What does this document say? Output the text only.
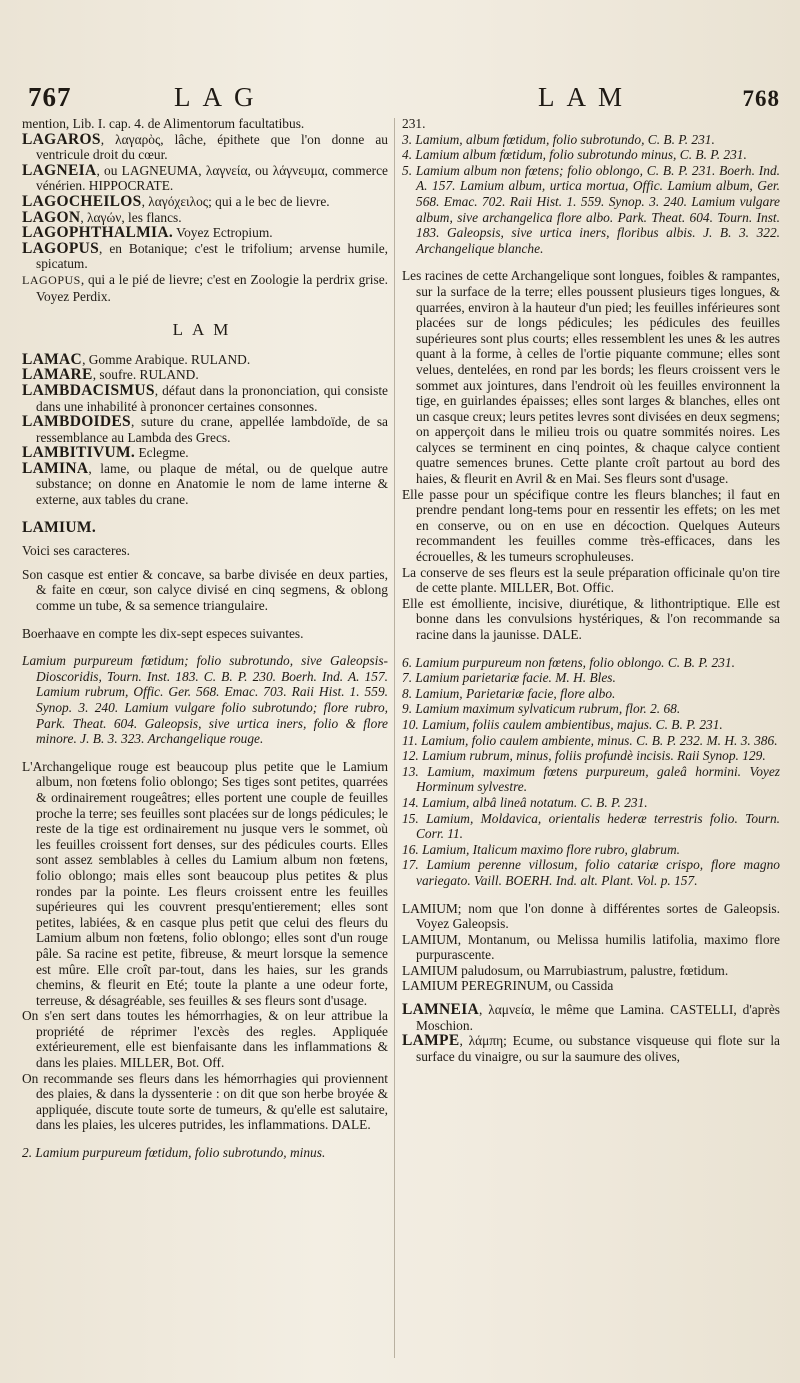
767	LAG	LAM	768

mention, Lib. I. cap. 4. de Alimentorum facultatibus.

LAGAROS, λαγαρὸς, lâche, épithete que l'on donne au ventricule droit du cœur.

LAGNEIA, ou LAGNEUMA, λαγνεία, ou λάγνευμα, commerce vénérien. HIPPOCRATE.

LAGOCHEILOS, λαγόχειλος; qui a le bec de lievre.

LAGON, λαγών, les flancs.

LAGOPHTHALMIA. Voyez Ectropium.

LAGOPUS, en Botanique; c'est le trifolium; arvense humile, spicatum.

LAGOPUS, qui a le pié de lievre; c'est en Zoologie la perdrix grise. Voyez Perdix.

LAM

LAMAC, Gomme Arabique. RULAND.

LAMARE, soufre. RULAND.

LAMBDACISMUS, défaut dans la prononciation, qui consiste dans une inhabilité à prononcer certaines consonnes.

LAMBDOIDES, suture du crane, appellée lambdoïde, de sa ressemblance au Lambda des Grecs.

LAMBITIVUM. Eclegme.

LAMINA, lame, ou plaque de métal, ou de quelque autre substance; on donne en Anatomie le nom de lame interne & externe, aux tables du crane.

LAMIUM.

Voici ses caracteres.

Son casque est entier & concave, sa barbe divisée en deux parties, & faite en cœur, son calyce divisé en cinq segmens, & oblong comme un tube, & sa semence triangulaire.

Boerhaave en compte les dix-sept especes suivantes.

Lamium purpureum fœtidum; folio subrotundo, sive Galeopsis-Dioscoridis, Tourn. Inst. 183. C. B. P. 230. Boerh. Ind. A. 157. Lamium rubrum, Offic. Ger. 568. Emac. 703. Raii Hist. 1. 559. Synop. 3. 240. Lamium vulgare folio subrotundo; flore rubro, Park. Theat. 604. Galeopsis, sive urtica iners, folio & flore minore. J. B. 3. 323. Archangelique rouge.

L'Archangelique rouge est beaucoup plus petite que le Lamium album, non fœtens folio oblongo; Ses tiges sont petites, quarrées & ordinairement rougeâtres; elles portent une couple de feuilles proche la terre; ses feuilles sont placées sur de longs pédicules; le reste de la tige est ordinairement nu jusque vers le sommet, où les feuilles croissent fort denses, sur des pédicules courts. Elles sont assez semblables à celles du Lamium album non fœtens, folio oblongo; mais elles sont beaucoup plus petites & plus rondes par la pointe. Les fleurs croissent entre les feuilles supérieures qui les couvrent presqu'entierement; elles sont petites, labiées, & en casque plus petit que celui des fleurs du Lamium album non fœtens, folio oblongo; elles sont d'un rouge pâle. Sa racine est petite, fibreuse, & meurt lorsque la semence est mûre. Elle croît par-tout, dans les haies, sur les grands chemins, & fleurit en Eté; toute la plante a une odeur forte, terreuse, & désagréable, ses feuilles & ses fleurs sont d'usage.

On s'en sert dans toutes les hémorrhagies, & on leur attribue la propriété de réprimer l'excès des regles. Appliquée extérieurement, elle est bienfaisante dans les inflammations & dans les plaies. MILLER, Bot. Off.

On recommande ses fleurs dans les hémorrhagies qui proviennent des plaies, & dans la dyssenterie : on dit que son herbe broyée & appliquée, discute toute sorte de tumeurs, & qu'elle est salutaire, dans les plaies, les ulceres putrides, les inflammations. DALE.

2. Lamium purpureum fœtidum, folio subrotundo, minus.

231.

3. Lamium, album fœtidum, folio subrotundo, C. B. P. 231.

4. Lamium album fœtidum, folio subrotundo minus, C. B. P. 231.

5. Lamium album non fœtens; folio oblongo, C. B. P. 231. Boerh. Ind. A. 157. Lamium album, urtica mortua, Offic. Lamium album, Ger. 568. Emac. 702. Raii Hist. 1. 559. Synop. 3. 240. Lamium vulgare album, sive archangelica flore albo. Park. Theat. 604. Tourn. Inst. 183. Galeopsis, sive urtica iners, floribus albis. J. B. 3. 322. Archangelique blanche.

Les racines de cette Archangelique sont longues, foibles & rampantes, sur la surface de la terre; elles poussent plusieurs tiges longues, & quarrées, environ à la hauteur d'un pied; les feuilles inférieures sont placées sur de longs pédicules; les pédicules des feuilles supérieures sont plus courts; elles ressemblent les unes & les autres quant à la forme, à celles de l'ortie piquante commune; elles sont velues, dentelées, en rond par les bords; les fleurs croissent vers le sommet aux jointures, dans l'endroit où les feuilles environnent la tige, en guirlandes épaisses; elles sont larges & blanches, elles ont un casque creux; leurs petites levres sont divisées en deux segmens; on apperçoit dans le milieu trois ou quatre sommités noires. Les calyces se terminent en cinq pointes, & chaque calyce contient quatre semences brunes. Cette plante croît partout au bord des haies, & fleurit en Avril & en Mai. Ses fleurs sont d'usage.

Elle passe pour un spécifique contre les fleurs blanches; il faut en prendre pendant long-tems pour en ressentir les effets; on les met en conserve, ou on en use en décoction. Quelques Auteurs recommandent les feuilles comme très-efficaces, dans les écrouelles, & les tumeurs scrophuleuses.

La conserve de ses fleurs est la seule préparation officinale qu'on tire de cette plante. MILLER, Bot. Offic.

Elle est émolliente, incisive, diurétique, & lithontriptique. Elle est bonne dans les convulsions hystériques, & l'on recommande sa racine dans la jaunisse. DALE.

6. Lamium purpureum non fœtens, folio oblongo. C. B. P. 231.

7. Lamium parietariæ facie. M. H. Bles.

8. Lamium, Parietariæ facie, flore albo.

9. Lamium maximum sylvaticum rubrum, flor. 2. 68.

10. Lamium, foliis caulem ambientibus, majus. C. B. P. 231.

11. Lamium, folio caulem ambiente, minus. C. B. P. 232. M. H. 3. 386.

12. Lamium rubrum, minus, foliis profundè incisis. Raii Synop. 129.

13. Lamium, maximum fœtens purpureum, galeâ hormini. Voyez Horminum sylvestre.

14. Lamium, albâ lineâ notatum. C. B. P. 231.

15. Lamium, Moldavica, orientalis hederæ terrestris folio. Tourn. Corr. 11.

16. Lamium, Italicum maximo flore rubro, glabrum.

17. Lamium perenne villosum, folio catariæ crispo, flore magno variegato. Vaill. BOERH. Ind. alt. Plant. Vol. p. 157.

LAMIUM; nom que l'on donne à différentes sortes de Galeopsis. Voyez Galeopsis.

LAMIUM, Montanum, ou Melissa humilis latifolia, maximo flore purpurascente.

LAMIUM paludosum, ou Marrubiastrum, palustre, fœtidum.

LAMIUM PEREGRINUM, ou Cassida

LAMNEIA, λαμνεία, le même que Lamina. CASTELLI, d'après Moschion.

LAMPE, λάμπη; Ecume, ou substance visqueuse qui flote sur la surface du vinaigre, ou sur la saumure des olives,
